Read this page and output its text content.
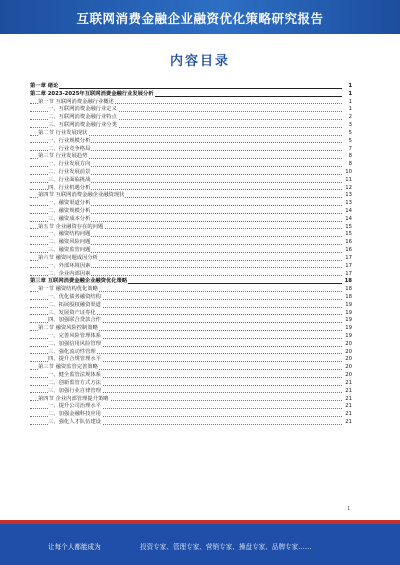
互联网消费金融企业融资优化策略研究报告
内容目录
第一章 绪论	1
第二章 2023-2025年互联网消费金融行业发展分析	1
第一节 互联网消费金融行业概述	1
一、互联网消费金融行业定义	1
二、互联网消费金融行业特点	2
三、互联网消费金融行业分类	3
第二节 行业发展现状	5
一、行业规模分析	5
二、行业竞争格局	7
第三节 行业发展趋势	8
一、行业发展方向	8
二、行业发展前景	10
三、行业面临挑战	11
四、行业机遇分析	12
第四节 互联网消费金融企业融资现状	13
一、融资渠道分析	13
二、融资规模分析	14
三、融资成本分析	14
第五节 企业融资存在的问题	15
一、融资结构问题	15
二、融资风险问题	16
三、融资监管问题	16
第六节 融资问题成因分析	17
一、外部环境因素	17
二、企业内部因素	17
第三章 互联网消费金融企业融资优化策略	18
第一节 融资结构优化策略	18
一、优化债务融资结构	18
二、拓展股权融资渠道	19
三、发展资产证券化	19
四、加强联合贷款合作	19
第二节 融资风险控制策略	19
一、完善风险管理体系	19
二、加强信用风险管理	20
三、强化流动性管理	20
四、提升合规管理水平	20
第三节 融资监管完善策略	20
一、健全监管法规体系	20
二、创新监管方式方法	21
三、加强行业自律管理	21
第四节 企业内部管理提升策略	21
一、提升公司治理水平	21
二、加强金融科技应用	21
三、强化人才队伍建设	21
1
让每个人都能成为	投资专家、管理专家、营销专家、操盘专家、品牌专家……
